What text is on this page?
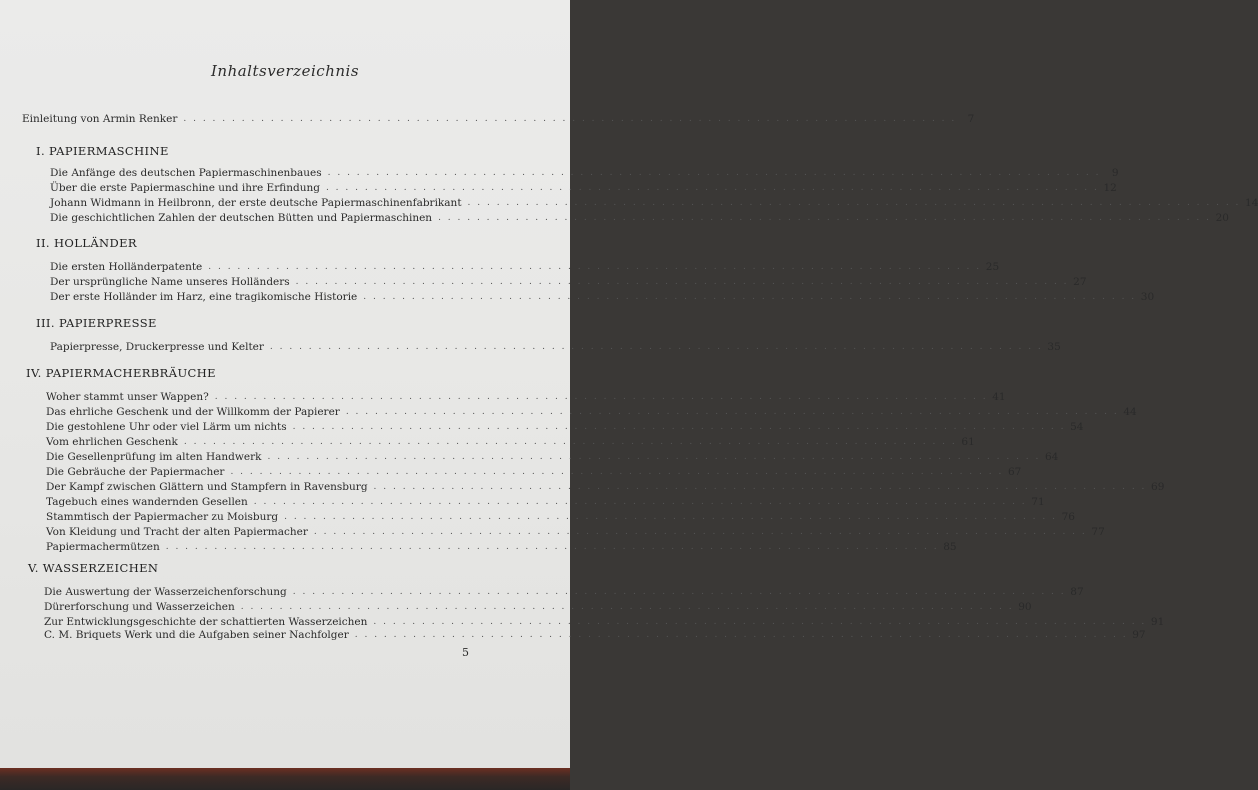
Inhaltsverzeichnis
Einleitung von Armin Renker . . . . . . . . . . . . . . . . . . . . . . . . . . . . . . . . . . . . . . . . . . . . . . . . . . . . . . . . . . . . . . . . . . . . . . . . . . . . . . . .	7
I. PAPIERMASCHINE
Die Anfänge des deutschen Papiermaschinenbaues . . . . . . . . . . . . . . . . . . . . . . . . . . . . . . . . . . . . . . . . . . . . . . . . . . . . . . . . . . . . . . . . . . . . . . . . . . . . . . . .	9
Über die erste Papiermaschine und ihre Erfindung . . . . . . . . . . . . . . . . . . . . . . . . . . . . . . . . . . . . . . . . . . . . . . . . . . . . . . . . . . . . . . . . . . . . . . . . . . . . . . . . 12
Johann Widmann in Heilbronn, der erste deutsche Papiermaschinenfabrikant . . . . . . . . . . . . . . . . . . . . . . . . . . . . . . . . . . . . . . . . . . . . . . . . . . . . . . . . . . . . . . . . . . . . . . . . . . . . . . . . 14
Die geschichtlichen Zahlen der deutschen Bütten und Papiermaschinen . . . . . . . . . . . . . . . . . . . . . . . . . . . . . . . . . . . . . . . . . . . . . . . . . . . . . . . . . . . . . . . . . . . . . . . . . . . . . . . . 20
II. HOLLÄNDER
Die ersten Holländerpatente . . . . . . . . . . . . . . . . . . . . . . . . . . . . . . . . . . . . . . . . . . . . . . . . . . . . . . . . . . . . . . . . . . . . . . . . . . . . . . . . 25
Der ursprüngliche Name unseres Holländers . . . . . . . . . . . . . . . . . . . . . . . . . . . . . . . . . . . . . . . . . . . . . . . . . . . . . . . . . . . . . . . . . . . . . . . . . . . . . . . . 27
Der erste Holländer im Harz, eine tragikomische Historie . . . . . . . . . . . . . . . . . . . . . . . . . . . . . . . . . . . . . . . . . . . . . . . . . . . . . . . . . . . . . . . . . . . . . . . . . . . . . . . . 30
III. PAPIERPRESSE
Papierpresse, Druckerpresse und Kelter . . . . . . . . . . . . . . . . . . . . . . . . . . . . . . . . . . . . . . . . . . . . . . . . . . . . . . . . . . . . . . . . . . . . . . . . . . . . . . . . 35
IV. PAPIERMACHERBRÄUCHE
Woher stammt unser Wappen? . . . . . . . . . . . . . . . . . . . . . . . . . . . . . . . . . . . . . . . . . . . . . . . . . . . . . . . . . . . . . . . . . . . . . . . . . . . . . . . . 41
Das ehrliche Geschenk und der Willkomm der Papierer . . . . . . . . . . . . . . . . . . . . . . . . . . . . . . . . . . . . . . . . . . . . . . . . . . . . . . . . . . . . . . . . . . . . . . . . . . . . . . . . 44
Die gestohlene Uhr oder viel Lärm um nichts . . . . . . . . . . . . . . . . . . . . . . . . . . . . . . . . . . . . . . . . . . . . . . . . . . . . . . . . . . . . . . . . . . . . . . . . . . . . . . . . 54
Vom ehrlichen Geschenk . . . . . . . . . . . . . . . . . . . . . . . . . . . . . . . . . . . . . . . . . . . . . . . . . . . . . . . . . . . . . . . . . . . . . . . . . . . . . . . . 61
Die Gesellenprüfung im alten Handwerk . . . . . . . . . . . . . . . . . . . . . . . . . . . . . . . . . . . . . . . . . . . . . . . . . . . . . . . . . . . . . . . . . . . . . . . . . . . . . . . . 64
Die Gebräuche der Papiermacher . . . . . . . . . . . . . . . . . . . . . . . . . . . . . . . . . . . . . . . . . . . . . . . . . . . . . . . . . . . . . . . . . . . . . . . . . . . . . . . . 67
Der Kampf zwischen Glättern und Stampfern in Ravensburg . . . . . . . . . . . . . . . . . . . . . . . . . . . . . . . . . . . . . . . . . . . . . . . . . . . . . . . . . . . . . . . . . . . . . . . . . . . . . . . . 69
Tagebuch eines wandernden Gesellen . . . . . . . . . . . . . . . . . . . . . . . . . . . . . . . . . . . . . . . . . . . . . . . . . . . . . . . . . . . . . . . . . . . . . . . . . . . . . . . . 71
Stammtisch der Papiermacher zu Moisburg . . . . . . . . . . . . . . . . . . . . . . . . . . . . . . . . . . . . . . . . . . . . . . . . . . . . . . . . . . . . . . . . . . . . . . . . . . . . . . . . 76
Von Kleidung und Tracht der alten Papiermacher . . . . . . . . . . . . . . . . . . . . . . . . . . . . . . . . . . . . . . . . . . . . . . . . . . . . . . . . . . . . . . . . . . . . . . . . . . . . . . . . 77
Papiermachermützen . . . . . . . . . . . . . . . . . . . . . . . . . . . . . . . . . . . . . . . . . . . . . . . . . . . . . . . . . . . . . . . . . . . . . . . . . . . . . . . . 85
V. WASSERZEICHEN
Die Auswertung der Wasserzeichenforschung . . . . . . . . . . . . . . . . . . . . . . . . . . . . . . . . . . . . . . . . . . . . . . . . . . . . . . . . . . . . . . . . . . . . . . . . . . . . . . . . 87
Dürerforschung und Wasserzeichen . . . . . . . . . . . . . . . . . . . . . . . . . . . . . . . . . . . . . . . . . . . . . . . . . . . . . . . . . . . . . . . . . . . . . . . . . . . . . . . . 90
Zur Entwicklungsgeschichte der schattierten Wasserzeichen . . . . . . . . . . . . . . . . . . . . . . . . . . . . . . . . . . . . . . . . . . . . . . . . . . . . . . . . . . . . . . . . . . . . . . . . . . . . . . . . 91
C. M. Briquets Werk und die Aufgaben seiner Nachfolger . . . . . . . . . . . . . . . . . . . . . . . . . . . . . . . . . . . . . . . . . . . . . . . . . . . . . . . . . . . . . . . . . . . . . . . . . . . . . . . . 97
5
